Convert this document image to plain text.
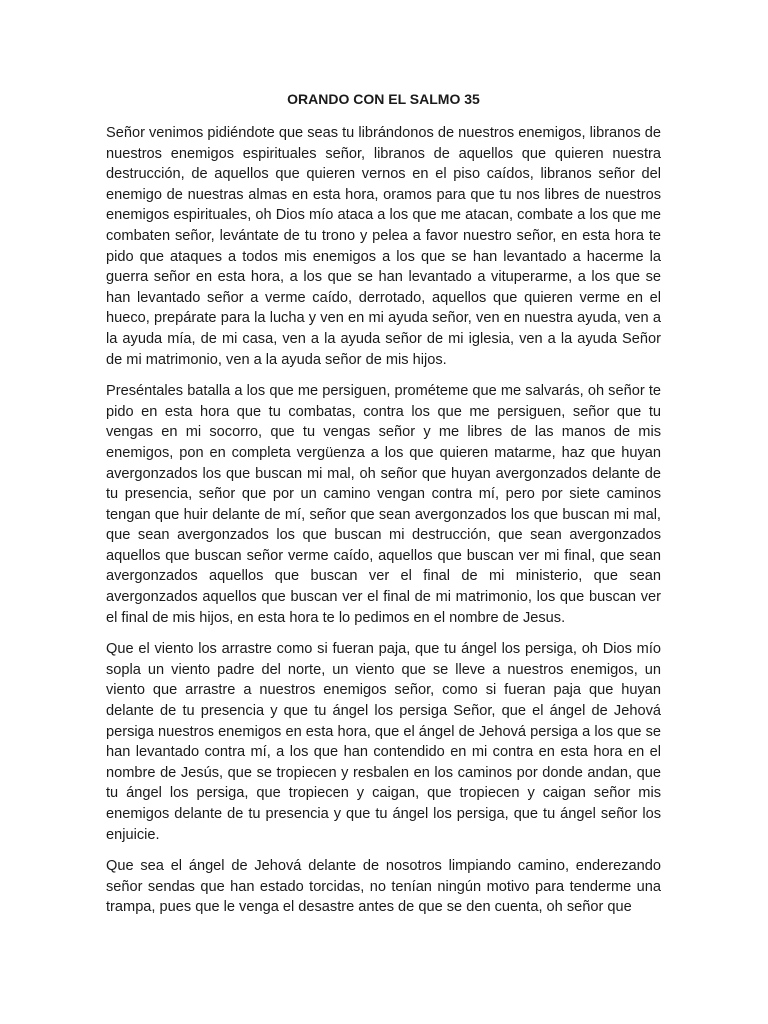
ORANDO CON EL SALMO 35

Señor venimos pidiéndote que seas tu librándonos de nuestros enemigos, libranos de nuestros enemigos espirituales señor, libranos de aquellos que quieren nuestra destrucción, de aquellos que quieren vernos en el piso caídos, libranos señor del enemigo de nuestras almas en esta hora, oramos para que tu nos libres de nuestros enemigos espirituales, oh Dios mío ataca a los que me atacan, combate a los que me combaten señor, levántate de tu trono y pelea a favor nuestro señor, en esta hora te pido que ataques a todos mis enemigos a los que se han levantado a hacerme la guerra señor en esta hora, a los que se han levantado a vituperarme, a los que se han levantado señor a verme caído, derrotado, aquellos que quieren verme en el hueco, prepárate para la lucha y ven en mi ayuda señor, ven en nuestra ayuda, ven a la ayuda mía, de mi casa, ven a la ayuda señor de mi iglesia, ven a la ayuda Señor de mi matrimonio, ven a la ayuda señor de mis hijos.

Preséntales batalla a los que me persiguen, prométeme que me salvarás, oh señor te pido en esta hora que tu combatas, contra los que me persiguen, señor que tu vengas en mi socorro, que tu vengas señor y me libres de las manos de mis enemigos, pon en completa vergüenza a los que quieren matarme, haz que huyan avergonzados los que buscan mi mal, oh señor que huyan avergonzados delante de tu presencia, señor que por un camino vengan contra mí, pero por siete caminos tengan que huir delante de mí, señor que sean avergonzados los que buscan mi mal, que sean avergonzados los que buscan mi destrucción, que sean avergonzados aquellos que buscan señor verme caído, aquellos que buscan ver mi final, que sean avergonzados aquellos que buscan ver el final de mi ministerio, que sean avergonzados aquellos que buscan ver el final de mi matrimonio, los que buscan ver el final de mis hijos, en esta hora te lo pedimos en el nombre de Jesus.

Que el viento los arrastre como si fueran paja, que tu ángel los persiga, oh Dios mío sopla un viento padre del norte, un viento que se lleve a nuestros enemigos, un viento que arrastre a nuestros enemigos señor, como si fueran paja que huyan delante de tu presencia y que tu ángel los persiga Señor, que el ángel de Jehová persiga nuestros enemigos en esta hora, que el ángel de Jehová persiga a los que se han levantado contra mí, a los que han contendido en mi contra en esta hora en el nombre de Jesús, que se tropiecen y resbalen en los caminos por donde andan, que tu ángel los persiga, que tropiecen y caigan, que tropiecen y caigan señor mis enemigos delante de tu presencia y que tu ángel los persiga, que tu ángel señor los enjuicie.

Que sea el ángel de Jehová delante de nosotros limpiando camino, enderezando señor sendas que han estado torcidas, no tenían ningún motivo para tenderme una trampa, pues que le venga el desastre antes de que se den cuenta, oh señor que
